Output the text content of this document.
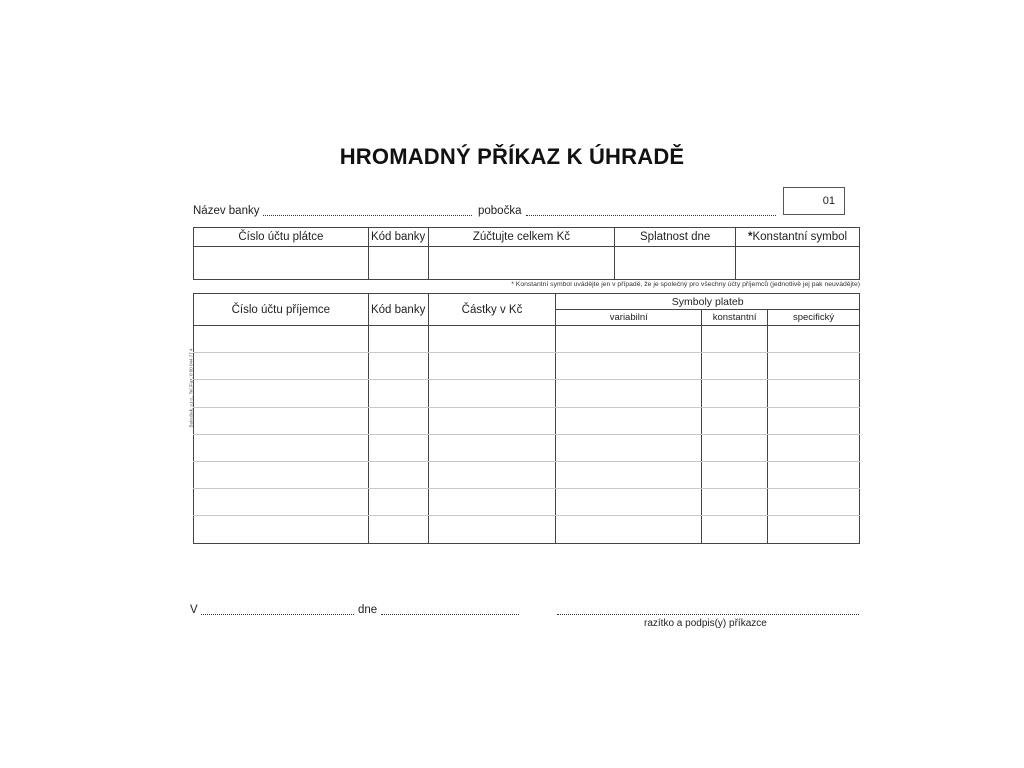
HROMADNÝ PŘÍKAZ K ÚHRADĚ
Název banky	pobočka
01
Číslo účtu plátce	Kód banky	Zúčtujte celkem Kč	Splatnost dne	*Konstantní symbol

* Konstantní symbol uvádějte jen v případě, že je společný pro všechny účty příjemců (jednotlivě jej pak neuvádějte)
Číslo účtu příjemce	Kód banky	Částky v Kč	Symboly plateb		
			variabilní	konstantní	specifický

Baloušek, s.r.o., Tel./Fax: 0 00 044 77 4
V	dne
razítko a podpis(y) příkazce
